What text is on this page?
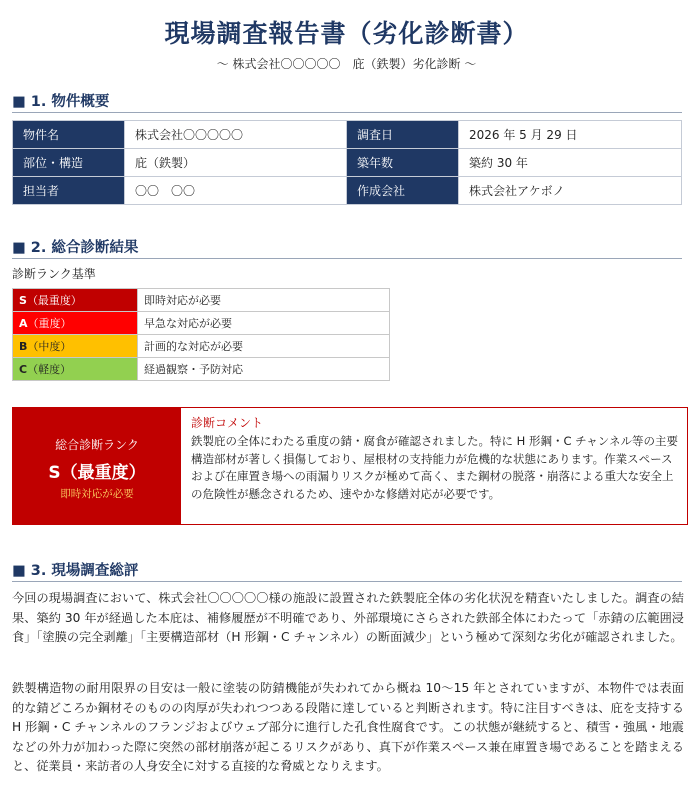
現場調査報告書（劣化診断書）
～ 株式会社〇〇〇〇〇　庇（鉄製）劣化診断 ～
■ 1. 物件概要
物件名	株式会社〇〇〇〇〇	調査日	2026 年 5 月 29 日
部位・構造	庇（鉄製）	築年数	築約 30 年
担当者	〇〇　〇〇	作成会社	株式会社アケボノ
■ 2. 総合診断結果
診断ランク基準
S（最重度）	即時対応が必要
A（重度）	早急な対応が必要
B（中度）	計画的な対応が必要
C（軽度）	経過観察・予防対応
総合診断ランク
S（最重度）
即時対応が必要
診断コメント
鉄製庇の全体にわたる重度の錆・腐食が確認されました。特に H 形鋼・C チャンネル等の主要構造部材が著しく損傷しており、屋根材の支持能力が危機的な状態にあります。作業スペースおよび在庫置き場への雨漏りリスクが極めて高く、また鋼材の脱落・崩落による重大な安全上の危険性が懸念されるため、速やかな修繕対応が必要です。
■ 3. 現場調査総評
今回の現場調査において、株式会社〇〇〇〇〇様の施設に設置された鉄製庇全体の劣化状況を精査いたしました。調査の結果、築約 30 年が経過した本庇は、補修履歴が不明確であり、外部環境にさらされた鉄部全体にわたって「赤錆の広範囲浸食」「塗膜の完全剥離」「主要構造部材（H 形鋼・C チャンネル）の断面減少」という極めて深刻な劣化が確認されました。
鉄製構造物の耐用限界の目安は一般に塗装の防錆機能が失われてから概ね 10～15 年とされていますが、本物件では表面的な錆どころか鋼材そのものの肉厚が失われつつある段階に達していると判断されます。特に注目すべきは、庇を支持する H 形鋼・C チャンネルのフランジおよびウェブ部分に進行した孔食性腐食です。この状態が継続すると、積雪・強風・地震などの外力が加わった際に突然の部材崩落が起こるリスクがあり、真下が作業スペース兼在庫置き場であることを踏まえると、従業員・来訪者の人身安全に対する直接的な脅威となりえます。
